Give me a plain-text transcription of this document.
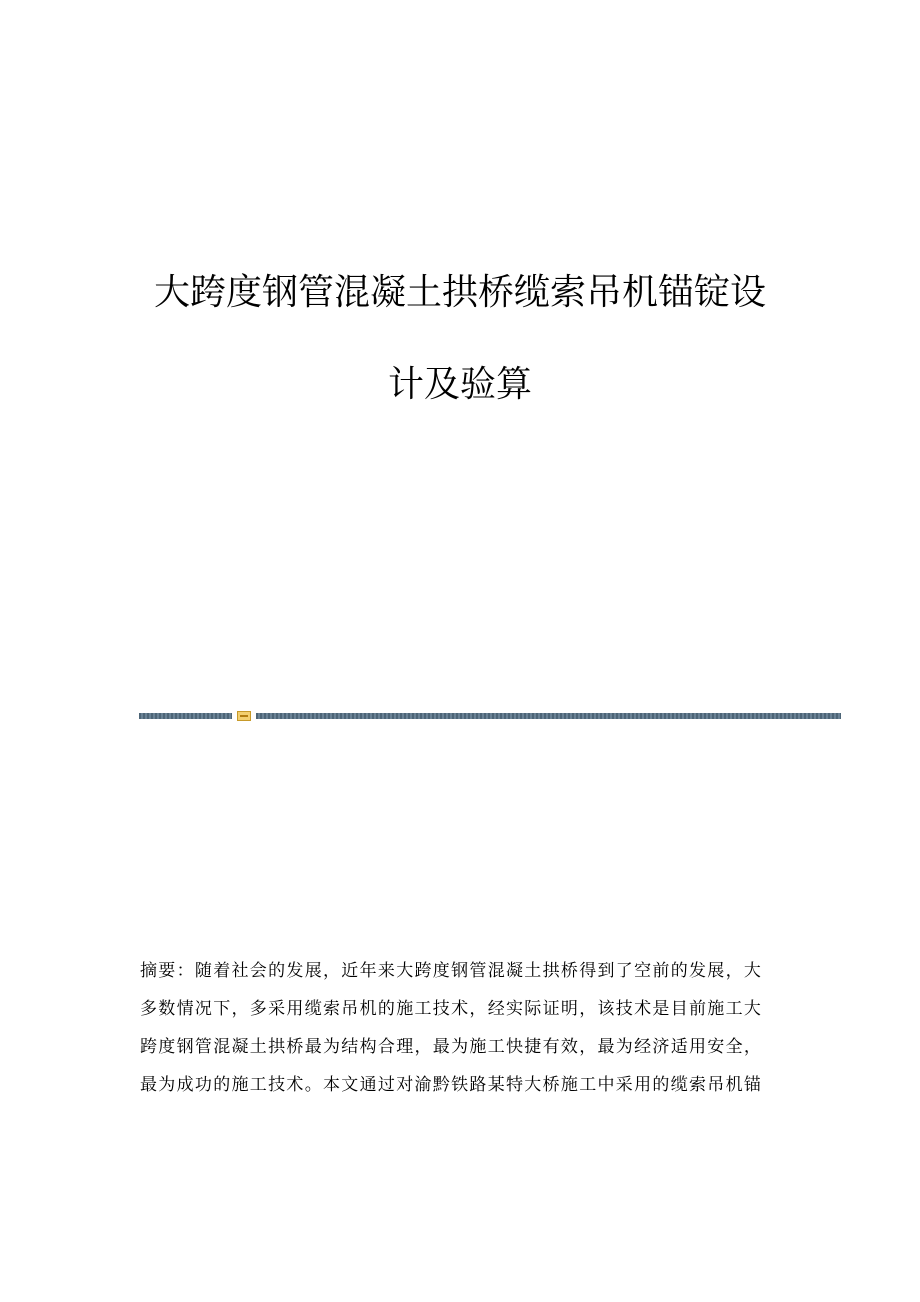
大跨度钢管混凝土拱桥缆索吊机锚锭设
计及验算
摘要：随着社会的发展，近年来大跨度钢管混凝土拱桥得到了空前的发展，大
多数情况下，多采用缆索吊机的施工技术，经实际证明，该技术是目前施工大
跨度钢管混凝土拱桥最为结构合理，最为施工快捷有效，最为经济适用安全，
最为成功的施工技术。本文通过对渝黔铁路某特大桥施工中采用的缆索吊机锚
